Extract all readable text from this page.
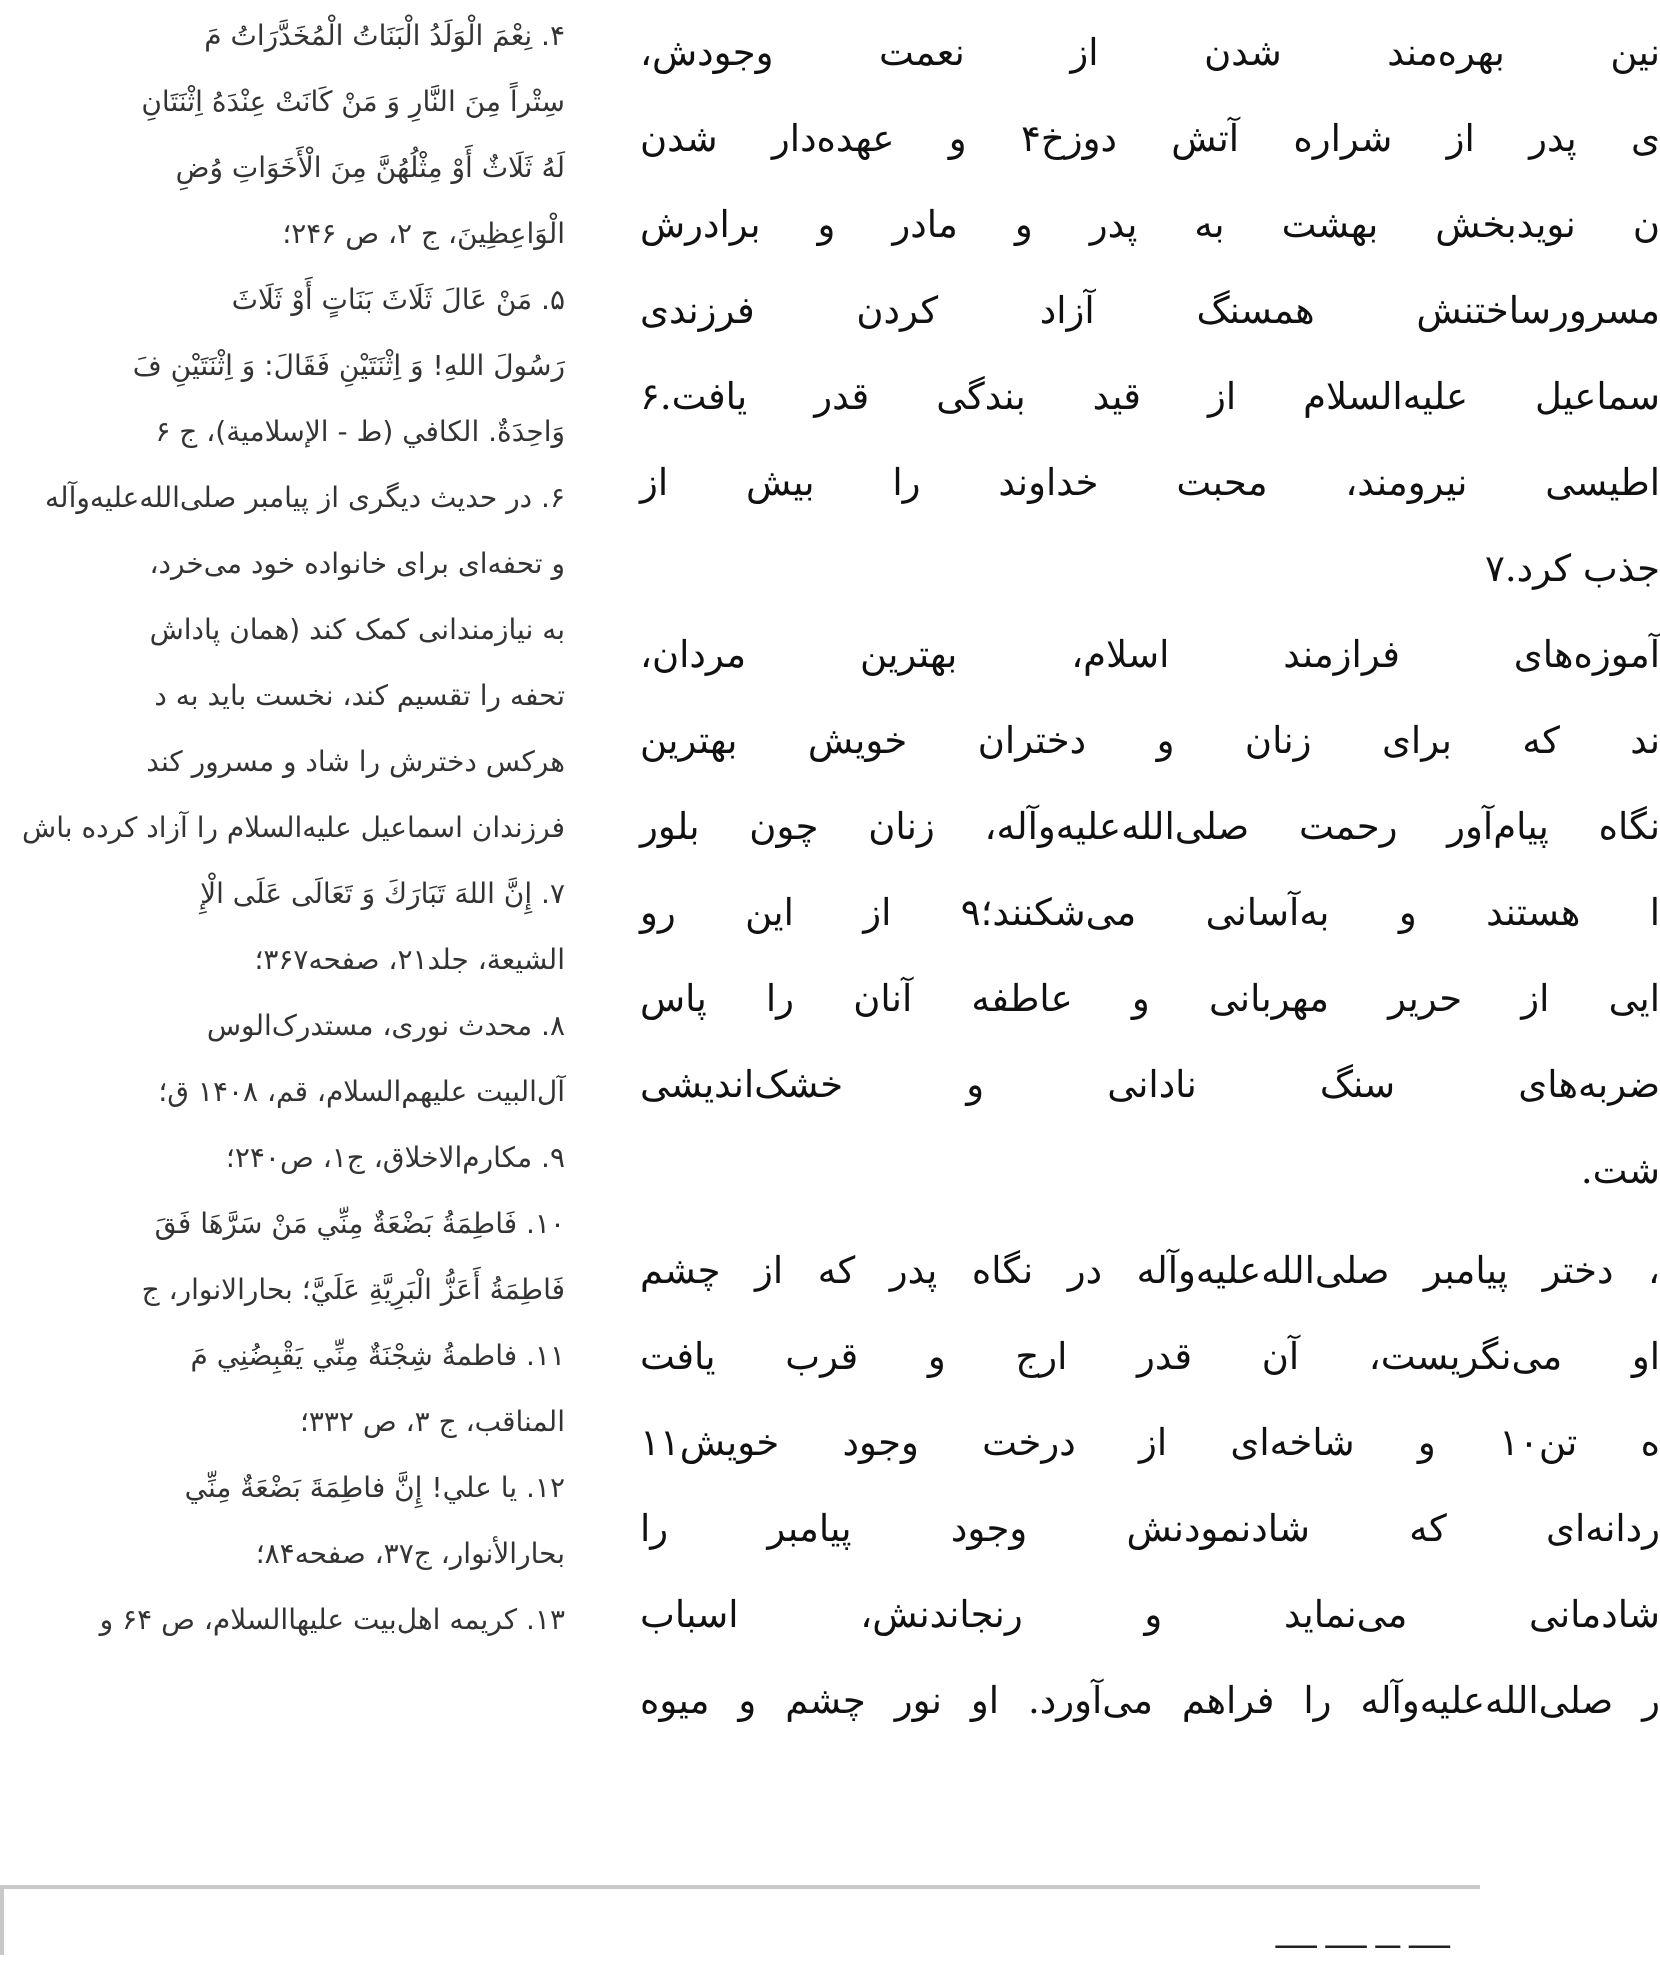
نین بهره‌مند شدن از نعمت وجودش،
ی پدر از شراره آتش دوزخ۴ و عهده‌دار شدن
ن نویدبخش بهشت به پدر و مادر و برادرش
مسرورساختنش همسنگ آزاد کردن فرزندی
سماعیل علیه‌السلام از قید بندگی قدر یافت.۶
اطیسی نیرومند، محبت خداوند را بیش از
جذب کرد.۷
آموزه‌های فرازمند اسلام، بهترین مردان،
ند که برای زنان و دختران خویش بهترین
نگاه پیام‌آور رحمت صلی‌الله‌علیه‌وآله، زنان چون بلور
ا هستند و به‌آسانی می‌شکنند؛۹ از این رو
ایی از حریر مهربانی و عاطفه آنان را پاس
ضربه‌های سنگ نادانی و خشک‌اندیشی
شت.
، دختر پیامبر صلی‌الله‌علیه‌وآله در نگاه پدر که از چشم
او می‌نگریست، آن قدر ارج و قرب یافت
ه تن۱۰ و شاخه‌ای از درخت وجود خویش۱۱
ردانه‌ای که شادنمودنش وجود پیامبر را
شادمانی می‌نماید و رنجاندنش، اسباب
ر صلی‌الله‌علیه‌وآله را فراهم می‌آورد. او نور چشم و میوه
۴. نِعْمَ الْوَلَدُ الْبَنَاتُ الْمُخَدَّرَاتُ مَ
سِتْراً مِنَ النَّارِ وَ مَنْ كَانَتْ عِنْدَهُ اِثْنَتَانِ
لَهُ ثَلَاثٌ أَوْ مِثْلُهُنَّ مِنَ الْأَخَوَاتِ وُضِ
الْوَاعِظِينَ، ج ۲، ص ۲۴۶؛
۵. مَنْ عَالَ ثَلَاثَ بَنَاتٍ أَوْ ثَلَاثَ
رَسُولَ اللهِ! وَ اِثْنَتَيْنِ فَقَالَ: وَ اِثْنَتَيْنِ فَ
وَاحِدَةٌ. الكافي (ط - الإسلامية)، ج ۶
۶. در حدیث دیگری از پیامبر صلی‌الله‌علیه‌وآله
و تحفه‌ای برای خانواده خود می‌خرد،
به نیازمندانی کمک کند (همان پاداش
تحفه را تقسیم کند، نخست باید به د
هرکس دخترش را شاد و مسرور کند
فرزندان اسماعیل علیه‌السلام را آزاد کرده باش
۷. إِنَّ اللهَ تَبَارَكَ وَ تَعَالَى عَلَى الْإِ
الشيعة، جلد۲۱، صفحه۳۶۷؛
۸. محدث نوری، مستدرک‌الوس
آل‌البیت علیهم‌السلام، قم، ۱۴۰۸ ق؛
۹. مکارم‌الاخلاق، ج۱، ص۲۴۰؛
۱۰. فَاطِمَةُ بَضْعَةٌ مِنِّي مَنْ سَرَّهَا فَقَ
فَاطِمَةُ أَعَزُّ الْبَرِيَّةِ عَلَيَّ؛ بحارالانوار، ج
۱۱. فاطمةُ شِجْنَةٌ مِنِّي يَقْبِضُنِي مَ
المناقب، ج ۳، ص ۳۳۲؛
۱۲. يا علي! إِنَّ فاطِمَةَ بَضْعَةٌ مِنِّي
بحارالأنوار، ج۳۷، صفحه۸۴؛
۱۳. کریمه اهل‌بیت علیهاالسلام، ص ۶۴ و
ـــــ ـــ ـــــ ـــــ
